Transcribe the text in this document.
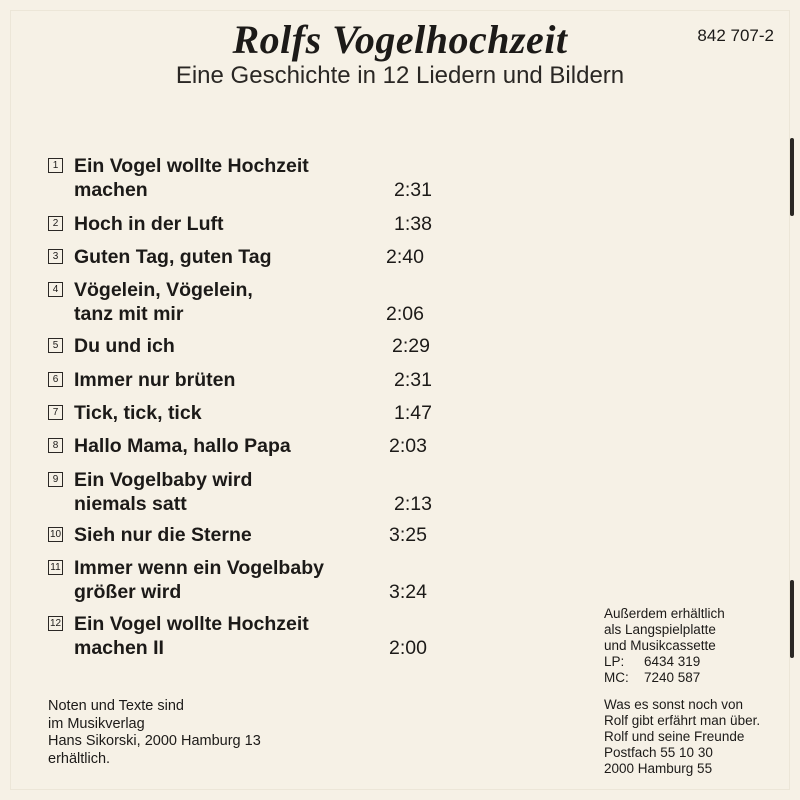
Rolfs Vogelhochzeit
Eine Geschichte in 12 Liedern und Bildern
842 707-2
1 Ein Vogel wollte Hochzeit
machen	2:31
2 Hoch in der Luft	1:38
3 Guten Tag, guten Tag	2:40
4 Vögelein, Vögelein,
tanz mit mir	2:06
5 Du und ich	2:29
6 Immer nur brüten	2:31
7 Tick, tick, tick	1:47
8 Hallo Mama, hallo Papa	2:03
9 Ein Vogelbaby wird
niemals satt	2:13
10 Sieh nur die Sterne	3:25
11 Immer wenn ein Vogelbaby
größer wird	3:24
12 Ein Vogel wollte Hochzeit
machen II	2:00
Noten und Texte sind
im Musikverlag
Hans Sikorski, 2000 Hamburg 13
erhältlich.
Außerdem erhältlich
als Langspielplatte
und Musikcassette
LP: 6434 319
MC: 7240 587
Was es sonst noch von
Rolf gibt erfährt man über.
Rolf und seine Freunde
Postfach 55 10 30
2000 Hamburg 55
